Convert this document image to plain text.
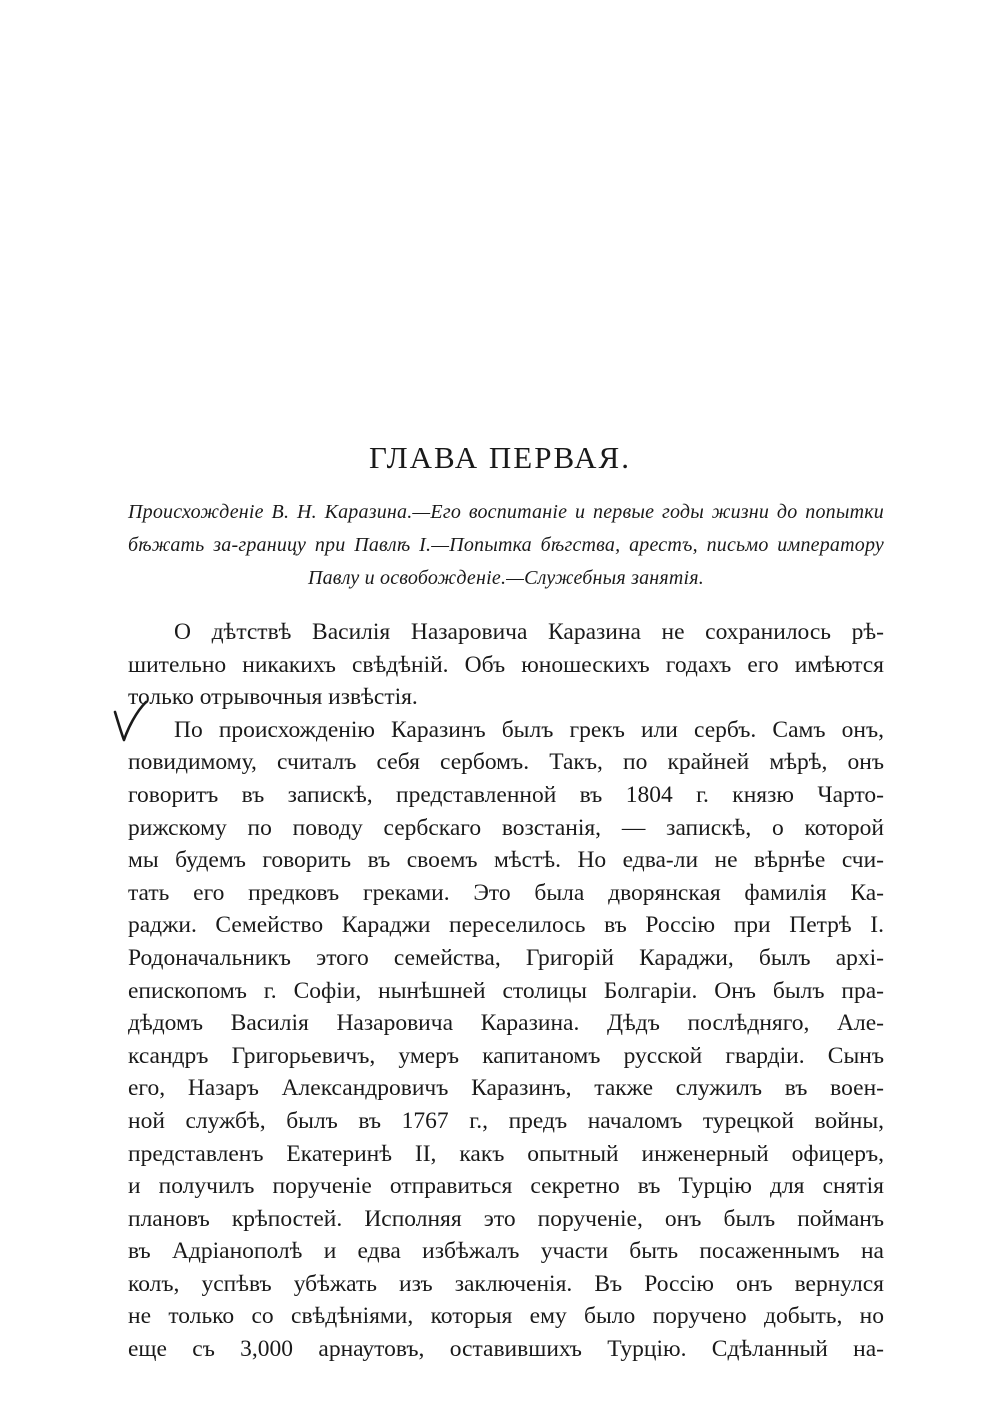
ГЛАВА ПЕРВАЯ.

Происхожденіе В. Н. Каразина.—Его воспитаніе и первые годы жизни до попытки бѣжать за-границу при Павлѣ I.—Попытка бѣгства, арестъ, письмо императору Павлу и освобожденіе.—Служебныя занятія.

О дѣтствѣ Василія Назаровича Каразина не сохранилось рѣ-
шительно никакихъ свѣдѣній. Объ юношескихъ годахъ его имѣются
только отрывочныя извѣстія.
По происхожденію Каразинъ былъ грекъ или сербъ. Самъ онъ,
повидимому, считалъ себя сербомъ. Такъ, по крайней мѣрѣ, онъ
говоритъ въ запискѣ, представленной въ 1804 г. князю Чарто-
рижскому по поводу сербскаго возстанія, — запискѣ, о которой
мы будемъ говорить въ своемъ мѣстѣ. Но едва-ли не вѣрнѣе счи-
тать его предковъ греками. Это была дворянская фамилія Ка-
раджи. Семейство Караджи переселилось въ Россію при Петрѣ I.
Родоначальникъ этого семейства, Григорій Караджи, былъ архі-
епископомъ г. Софіи, нынѣшней столицы Болгаріи. Онъ былъ пра-
дѣдомъ Василія Назаровича Каразина. Дѣдъ послѣдняго, Але-
ксандръ Григорьевичъ, умеръ капитаномъ русской гвардіи. Сынъ
его, Назаръ Александровичъ Каразинъ, также служилъ въ воен-
ной службѣ, былъ въ 1767 г., предъ началомъ турецкой войны,
представленъ Екатеринѣ II, какъ опытный инженерный офицеръ,
и получилъ порученіе отправиться секретно въ Турцію для снятія
плановъ крѣпостей. Исполняя это порученіе, онъ былъ пойманъ
въ Адріанополѣ и едва избѣжалъ участи быть посаженнымъ на
колъ, успѣвъ убѣжать изъ заключенія. Въ Россію онъ вернулся
не только со свѣдѣніями, которыя ему было поручено добыть, но
еще съ 3,000 арнаутовъ, оставившихъ Турцію. Сдѣланный на-
